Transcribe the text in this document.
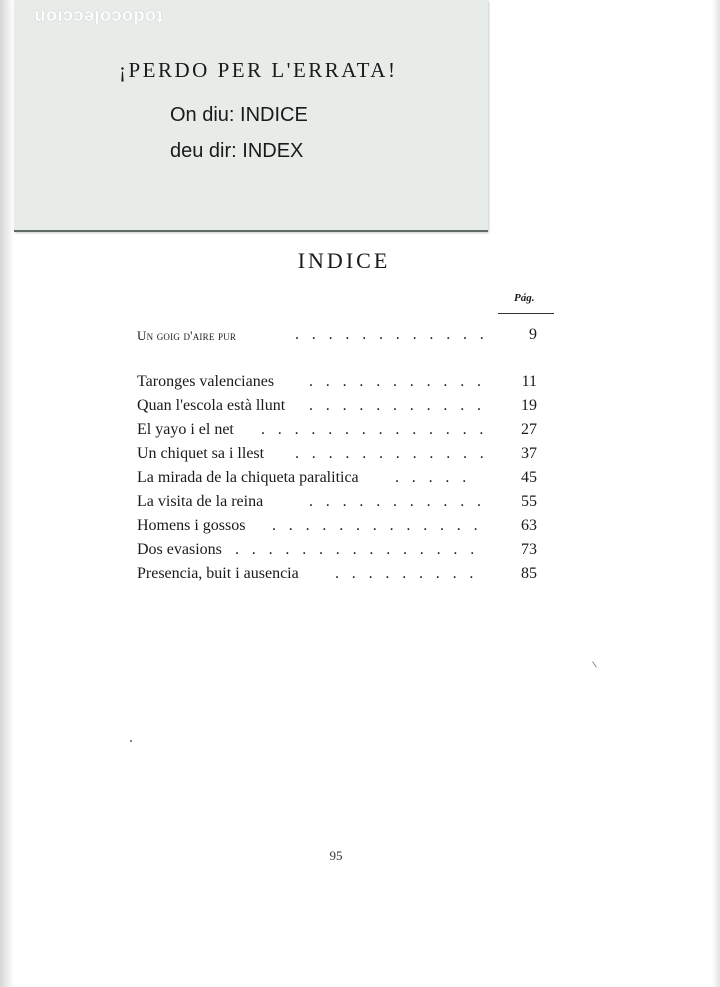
todocoleccion
¡PERDO PER L'ERRATA!
On diu: INDICE
deu dir: INDEX
INDICE
Pág.
Un goig d'aire pur	. . . . . . . . . . . .	9
Taronges valencianes . . . . . . . . . . . 11
Quan l'escola està llunt . . . . . . . . . . . 19
El yayo i el net . . . . . . . . . . . . . . 27
Un chiquet sa i llest . . . . . . . . . . . . 37
La mirada de la chiqueta paralitica . . . . .	45
La visita de la reina	. . . . . . . . . . . 55
Homens i gossos . . . . . . . . . . . . . 63
Dos evasions . . . . . . . . . . . . . . .	73
Presencia, buit i ausencia . . . . . . . . .	85
95
